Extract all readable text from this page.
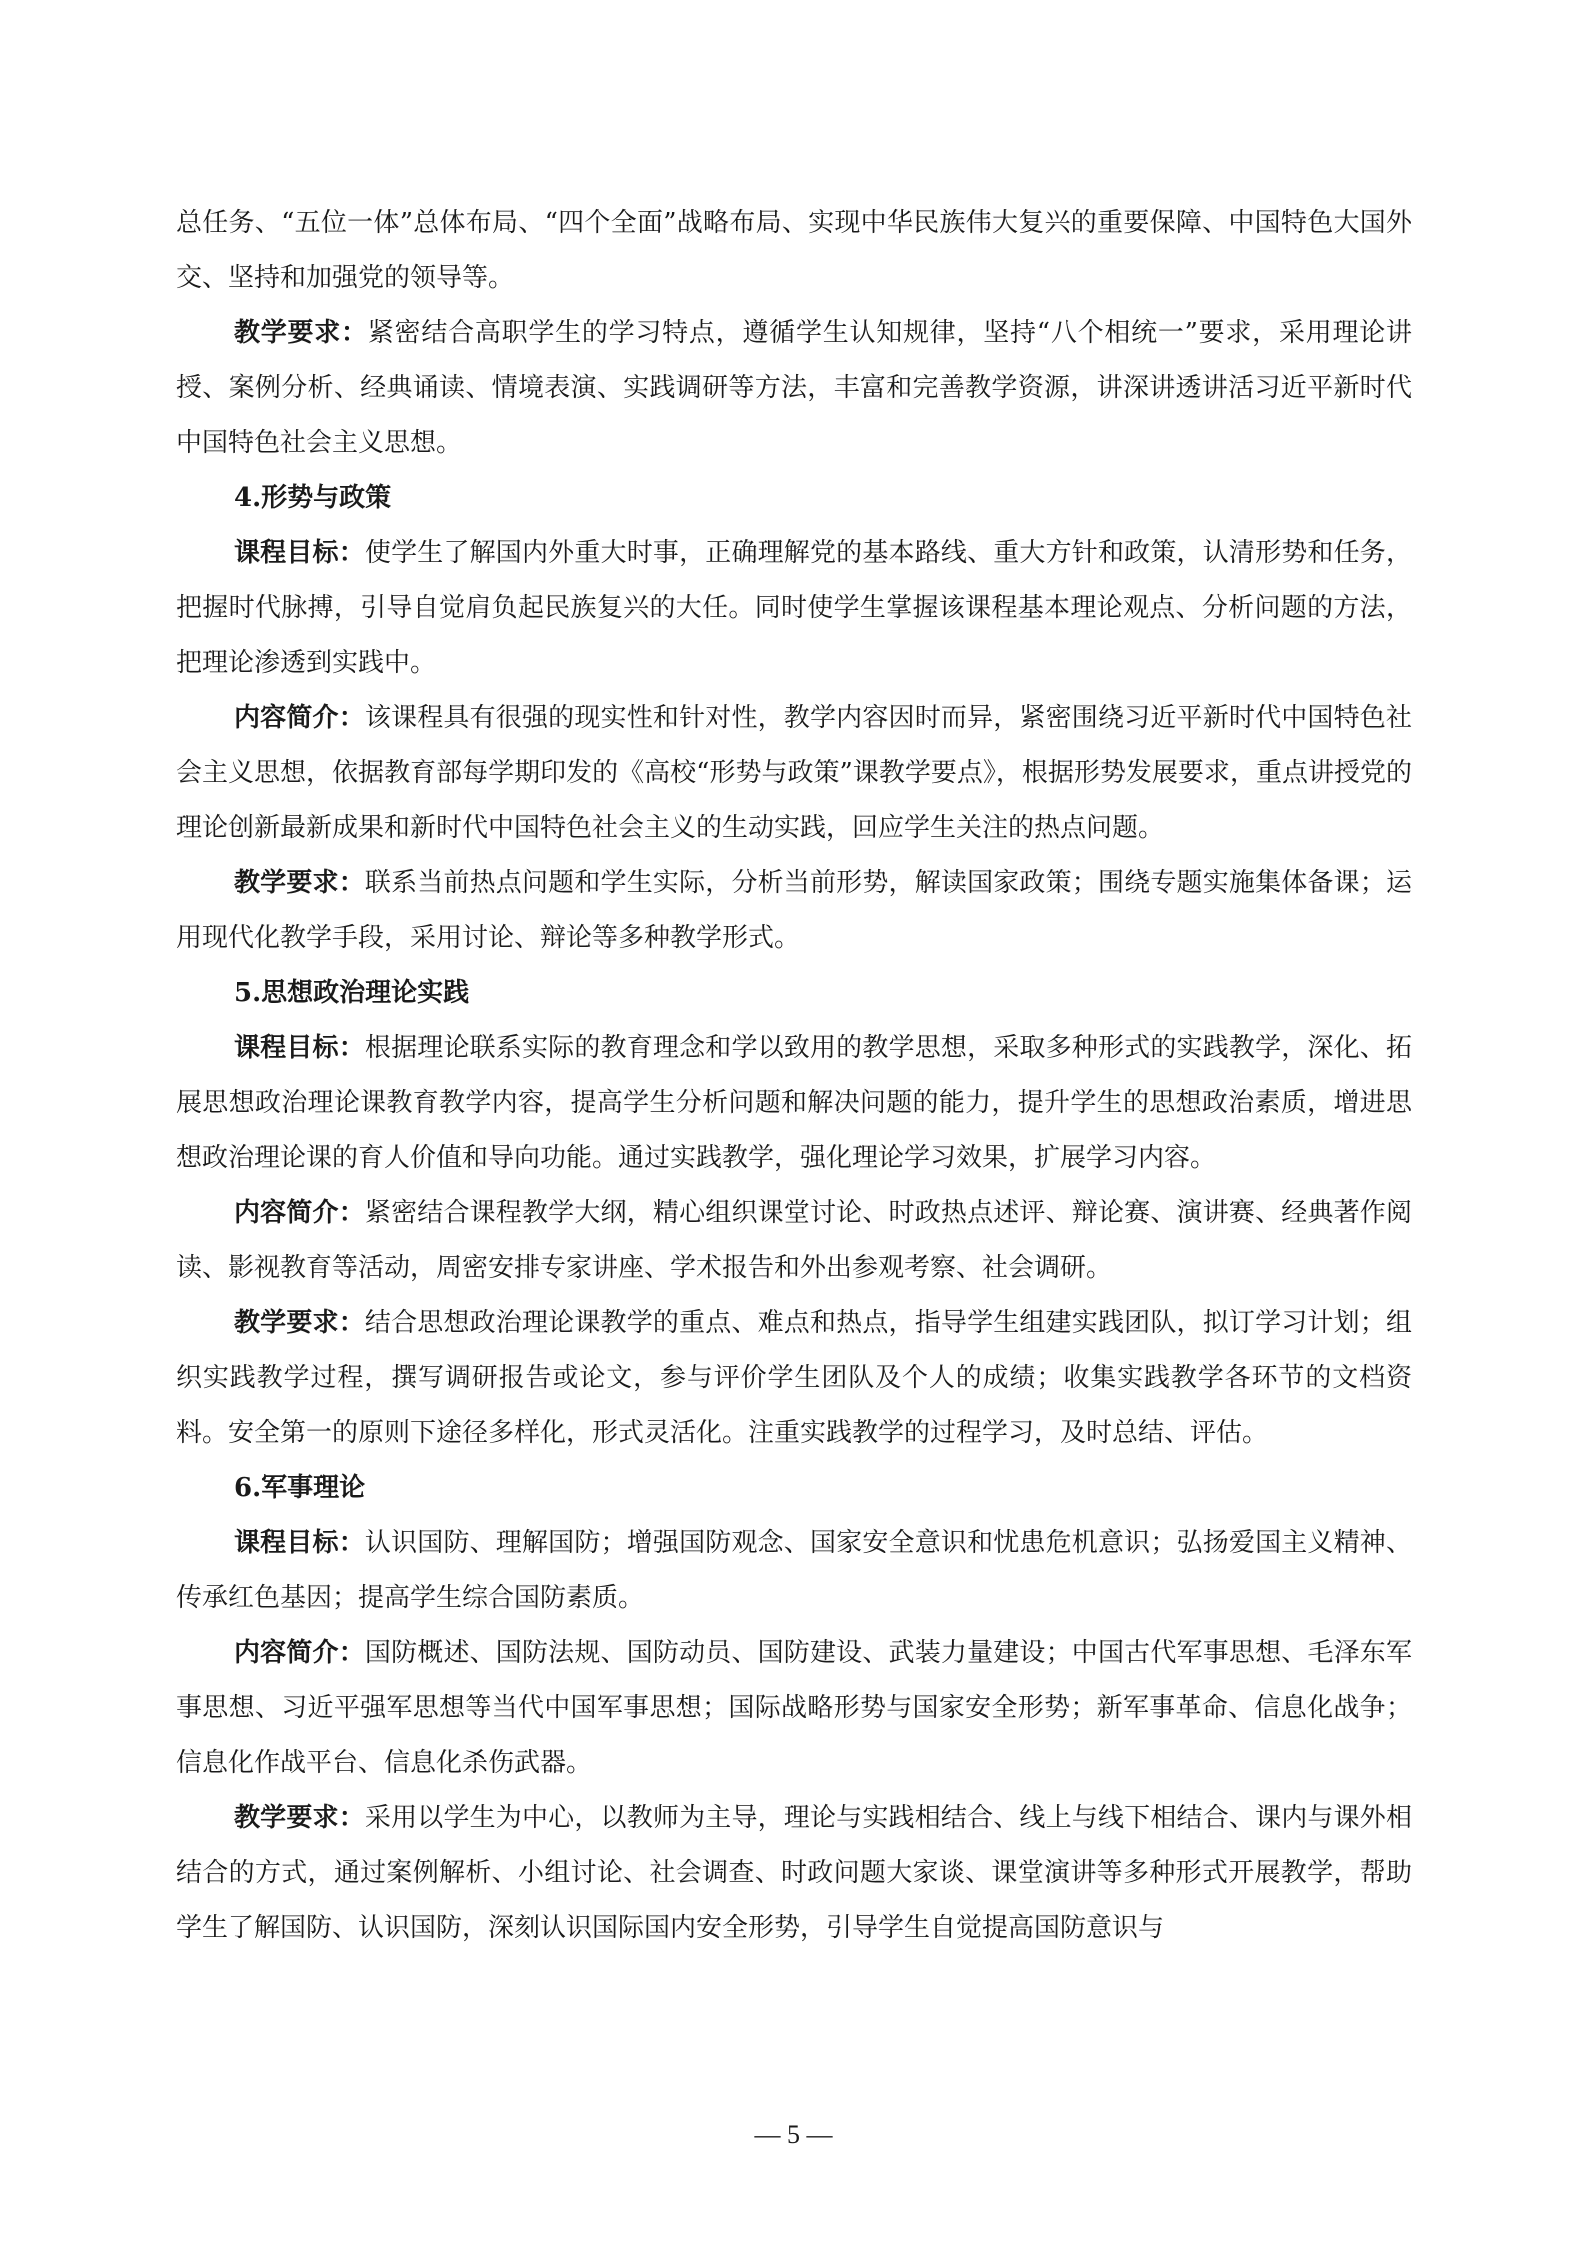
总任务、“五位一体”总体布局、“四个全面”战略布局、实现中华民族伟大复兴的重要保障、中国特色大国外交、坚持和加强党的领导等。

教学要求：紧密结合高职学生的学习特点，遵循学生认知规律，坚持“八个相统一”要求，采用理论讲授、案例分析、经典诵读、情境表演、实践调研等方法，丰富和完善教学资源，讲深讲透讲活习近平新时代中国特色社会主义思想。

4.形势与政策

课程目标：使学生了解国内外重大时事，正确理解党的基本路线、重大方针和政策，认清形势和任务，把握时代脉搏，引导自觉肩负起民族复兴的大任。同时使学生掌握该课程基本理论观点、分析问题的方法，把理论渗透到实践中。

内容简介：该课程具有很强的现实性和针对性，教学内容因时而异，紧密围绕习近平新时代中国特色社会主义思想，依据教育部每学期印发的《高校“形势与政策”课教学要点》，根据形势发展要求，重点讲授党的理论创新最新成果和新时代中国特色社会主义的生动实践，回应学生关注的热点问题。

教学要求：联系当前热点问题和学生实际，分析当前形势，解读国家政策；围绕专题实施集体备课；运用现代化教学手段，采用讨论、辩论等多种教学形式。

5.思想政治理论实践

课程目标：根据理论联系实际的教育理念和学以致用的教学思想，采取多种形式的实践教学，深化、拓展思想政治理论课教育教学内容，提高学生分析问题和解决问题的能力，提升学生的思想政治素质，增进思想政治理论课的育人价值和导向功能。通过实践教学，强化理论学习效果，扩展学习内容。

内容简介：紧密结合课程教学大纲，精心组织课堂讨论、时政热点述评、辩论赛、演讲赛、经典著作阅读、影视教育等活动，周密安排专家讲座、学术报告和外出参观考察、社会调研。

教学要求：结合思想政治理论课教学的重点、难点和热点，指导学生组建实践团队，拟订学习计划；组织实践教学过程，撰写调研报告或论文，参与评价学生团队及个人的成绩；收集实践教学各环节的文档资料。安全第一的原则下途径多样化，形式灵活化。注重实践教学的过程学习，及时总结、评估。

6.军事理论

课程目标：认识国防、理解国防；增强国防观念、国家安全意识和忧患危机意识；弘扬爱国主义精神、传承红色基因；提高学生综合国防素质。

内容简介：国防概述、国防法规、国防动员、国防建设、武装力量建设；中国古代军事思想、毛泽东军事思想、习近平强军思想等当代中国军事思想；国际战略形势与国家安全形势；新军事革命、信息化战争；信息化作战平台、信息化杀伤武器。

教学要求：采用以学生为中心，以教师为主导，理论与实践相结合、线上与线下相结合、课内与课外相结合的方式，通过案例解析、小组讨论、社会调查、时政问题大家谈、课堂演讲等多种形式开展教学，帮助学生了解国防、认识国防，深刻认识国际国内安全形势，引导学生自觉提高国防意识与

— 5 —
